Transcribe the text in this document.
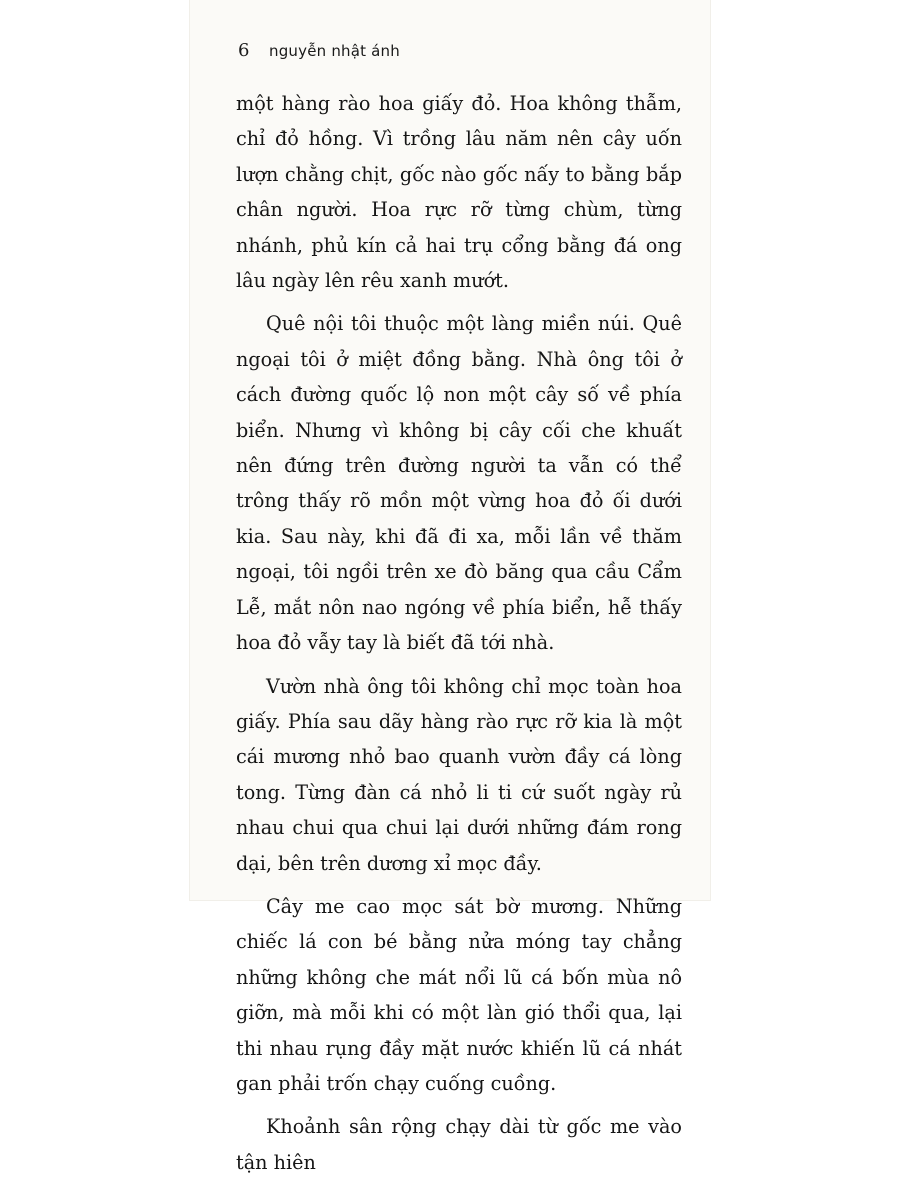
6	nguyễn nhật ánh

một hàng rào hoa giấy đỏ. Hoa không thẫm, chỉ đỏ hồng. Vì trồng lâu năm nên cây uốn lượn chằng chịt, gốc nào gốc nấy to bằng bắp chân người. Hoa rực rỡ từng chùm, từng nhánh, phủ kín cả hai trụ cổng bằng đá ong lâu ngày lên rêu xanh mướt.

Quê nội tôi thuộc một làng miền núi. Quê ngoại tôi ở miệt đồng bằng. Nhà ông tôi ở cách đường quốc lộ non một cây số về phía biển. Nhưng vì không bị cây cối che khuất nên đứng trên đường người ta vẫn có thể trông thấy rõ mồn một vừng hoa đỏ ối dưới kia. Sau này, khi đã đi xa, mỗi lần về thăm ngoại, tôi ngồi trên xe đò băng qua cầu Cẩm Lễ, mắt nôn nao ngóng về phía biển, hễ thấy hoa đỏ vẫy tay là biết đã tới nhà.

Vườn nhà ông tôi không chỉ mọc toàn hoa giấy. Phía sau dãy hàng rào rực rỡ kia là một cái mương nhỏ bao quanh vườn đầy cá lòng tong. Từng đàn cá nhỏ li ti cứ suốt ngày rủ nhau chui qua chui lại dưới những đám rong dại, bên trên dương xỉ mọc đầy.

Cây me cao mọc sát bờ mương. Những chiếc lá con bé bằng nửa móng tay chẳng những không che mát nổi lũ cá bốn mùa nô giỡn, mà mỗi khi có một làn gió thổi qua, lại thi nhau rụng đầy mặt nước khiến lũ cá nhát gan phải trốn chạy cuống cuồng.

Khoảnh sân rộng chạy dài từ gốc me vào tận hiên
